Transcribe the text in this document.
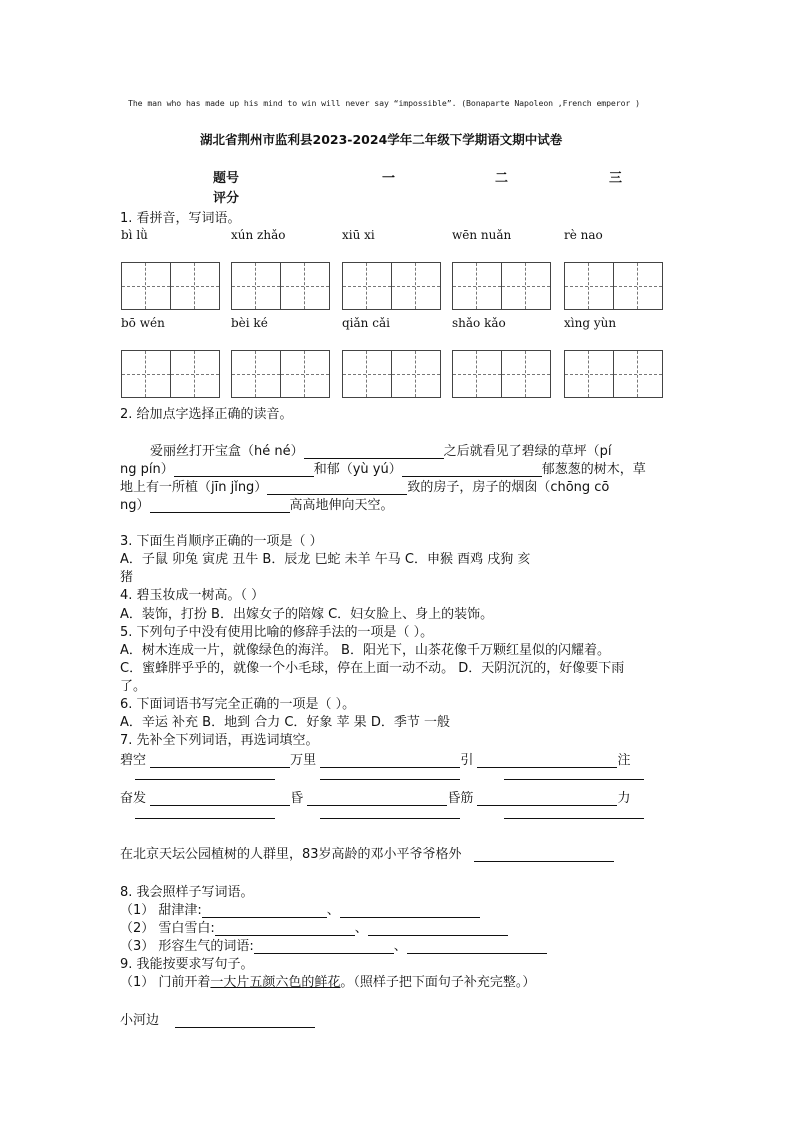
The man who has made up his mind to win will never say “impossible”. (Bonaparte Napoleon ,French emperor )
湖北省荆州市监利县2023-2024学年二年级下学期语文期中试卷
题号	一	二	三
评分
1. 看拼音，写词语。
bì lǜ	xún zhǎo	xiū xi	wēn nuǎn	rè nao
bō wén	bèi ké	qiǎn cǎi	shǎo kǎo	xìng yùn
2. 给加点字选择正确的读音。
爱丽丝打开宝盒（hé né）	之后就看见了碧绿的草坪（pí
ng pín）	和郁（yù yú）	郁葱葱的树木，草
地上有一所植（jīn jǐng）	致的房子，房子的烟囱（chōng cō
ng）	高高地伸向天空。
3. 下面生肖顺序正确的一项是（ ）
A．子鼠 卯兔 寅虎 丑牛 B．辰龙 巳蛇 未羊 午马 C．申猴 酉鸡 戌狗 亥
猪
4. 碧玉妆成一树高。（ ）
A．装饰，打扮 B．出嫁女子的陪嫁 C．妇女脸上、身上的装饰。
5. 下列句子中没有使用比喻的修辞手法的一项是（ ）。
A．树木连成一片，就像绿色的海洋。 B．阳光下，山茶花像千万颗红星似的闪耀着。
C．蜜蜂胖乎乎的，就像一个小毛球，停在上面一动不动。 D．天阴沉沉的，好像要下雨
了。
6. 下面词语书写完全正确的一项是（ ）。
A．辛运 补充 B．地到 合力 C．好象 苹 果 D．季节 一般
7. 先补全下列词语，再选词填空。
碧空	万里	引	注
奋发	昏	昏筋	力
在北京天坛公园植树的人群里，83岁高龄的邓小平爷爷格外
8. 我会照样子写词语。
（1） 甜津津:	、
（2） 雪白雪白:	、
（3） 形容生气的词语:	、
9. 我能按要求写句子。
（1） 门前开着一大片五颜六色的鲜花。（照样子把下面句子补充完整。）
小河边
